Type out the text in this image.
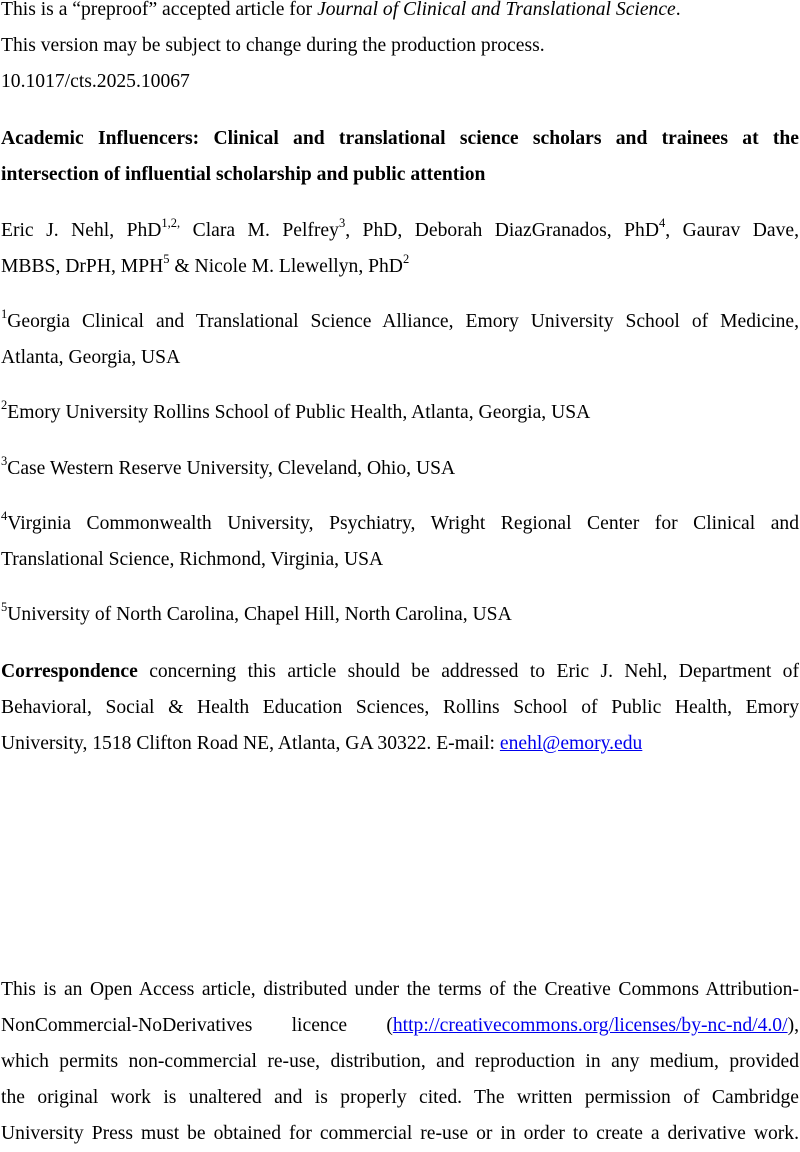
This is a “preproof” accepted article for Journal of Clinical and Translational Science.
This version may be subject to change during the production process.
10.1017/cts.2025.10067
Academic Influencers: Clinical and translational science scholars and trainees at the
intersection of influential scholarship and public attention
Eric J. Nehl, PhD$^{1,2,}$ Clara M. Pelfrey$^3$, PhD, Deborah DiazGranados, PhD$^4$, Gaurav Dave,
MBBS, DrPH, MPH$^5$ & Nicole M. Llewellyn, PhD$^2$
$^1$Georgia Clinical and Translational Science Alliance, Emory University School of Medicine,
Atlanta, Georgia, USA
$^2$Emory University Rollins School of Public Health, Atlanta, Georgia, USA
$^3$Case Western Reserve University, Cleveland, Ohio, USA
$^4$Virginia Commonwealth University, Psychiatry, Wright Regional Center for Clinical and
Translational Science, Richmond, Virginia, USA
$^5$University of North Carolina, Chapel Hill, North Carolina, USA
Correspondence concerning this article should be addressed to Eric J. Nehl, Department of
Behavioral, Social & Health Education Sciences, Rollins School of Public Health, Emory
University, 1518 Clifton Road NE, Atlanta, GA 30322. E-mail: enehl@emory.edu
This is an Open Access article, distributed under the terms of the Creative Commons Attribution-
NonCommercial-NoDerivatives licence (http://creativecommons.org/licenses/by-nc-nd/4.0/),
which permits non-commercial re-use, distribution, and reproduction in any medium, provided
the original work is unaltered and is properly cited. The written permission of Cambridge
University Press must be obtained for commercial re-use or in order to create a derivative work.
